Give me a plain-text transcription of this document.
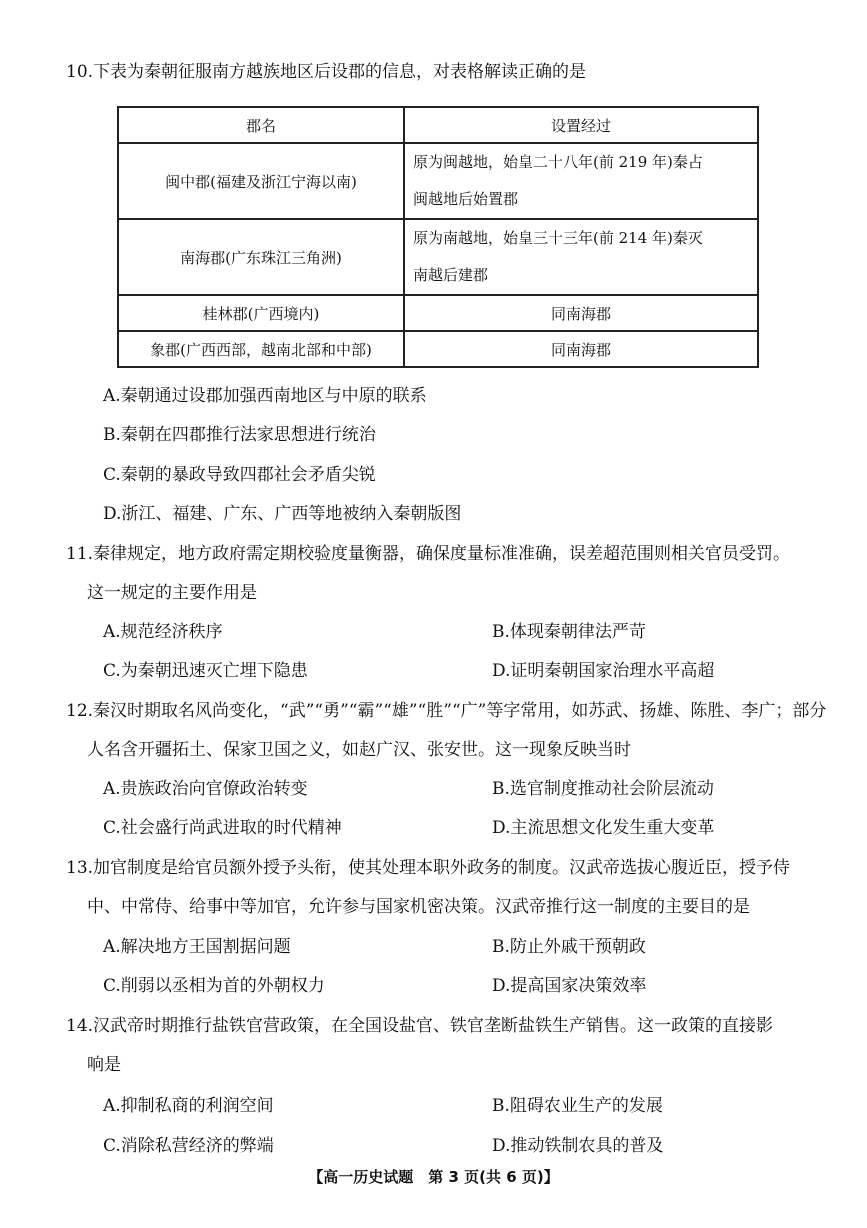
10.下表为秦朝征服南方越族地区后设郡的信息，对表格解读正确的是
郡名	设置经过
闽中郡(福建及浙江宁海以南)	原为闽越地，始皇二十八年(前 219 年)秦占
闽越地后始置郡

南海郡(广东珠江三角洲)	原为南越地，始皇三十三年(前 214 年)秦灭
南越后建郡

桂林郡(广西境内)	同南海郡
象郡(广西西部，越南北部和中部)	同南海郡
A.秦朝通过设郡加强西南地区与中原的联系
B.秦朝在四郡推行法家思想进行统治
C.秦朝的暴政导致四郡社会矛盾尖锐
D.浙江、福建、广东、广西等地被纳入秦朝版图
11.秦律规定，地方政府需定期校验度量衡器，确保度量标准准确，误差超范围则相关官员受罚。
这一规定的主要作用是
A.规范经济秩序	B.体现秦朝律法严苛
C.为秦朝迅速灭亡埋下隐患	D.证明秦朝国家治理水平高超
12.秦汉时期取名风尚变化，“武”“勇”“霸”“雄”“胜”“广”等字常用，如苏武、扬雄、陈胜、李广；部分
人名含开疆拓土、保家卫国之义，如赵广汉、张安世。这一现象反映当时
A.贵族政治向官僚政治转变	B.选官制度推动社会阶层流动
C.社会盛行尚武进取的时代精神	D.主流思想文化发生重大变革
13.加官制度是给官员额外授予头衔，使其处理本职外政务的制度。汉武帝选拔心腹近臣，授予侍
中、中常侍、给事中等加官，允许参与国家机密决策。汉武帝推行这一制度的主要目的是
A.解决地方王国割据问题	B.防止外戚干预朝政
C.削弱以丞相为首的外朝权力	D.提高国家决策效率
14.汉武帝时期推行盐铁官营政策，在全国设盐官、铁官垄断盐铁生产销售。这一政策的直接影
响是
A.抑制私商的利润空间	B.阻碍农业生产的发展
C.消除私营经济的弊端	D.推动铁制农具的普及
【高一历史试题　第 3 页(共 6 页)】
